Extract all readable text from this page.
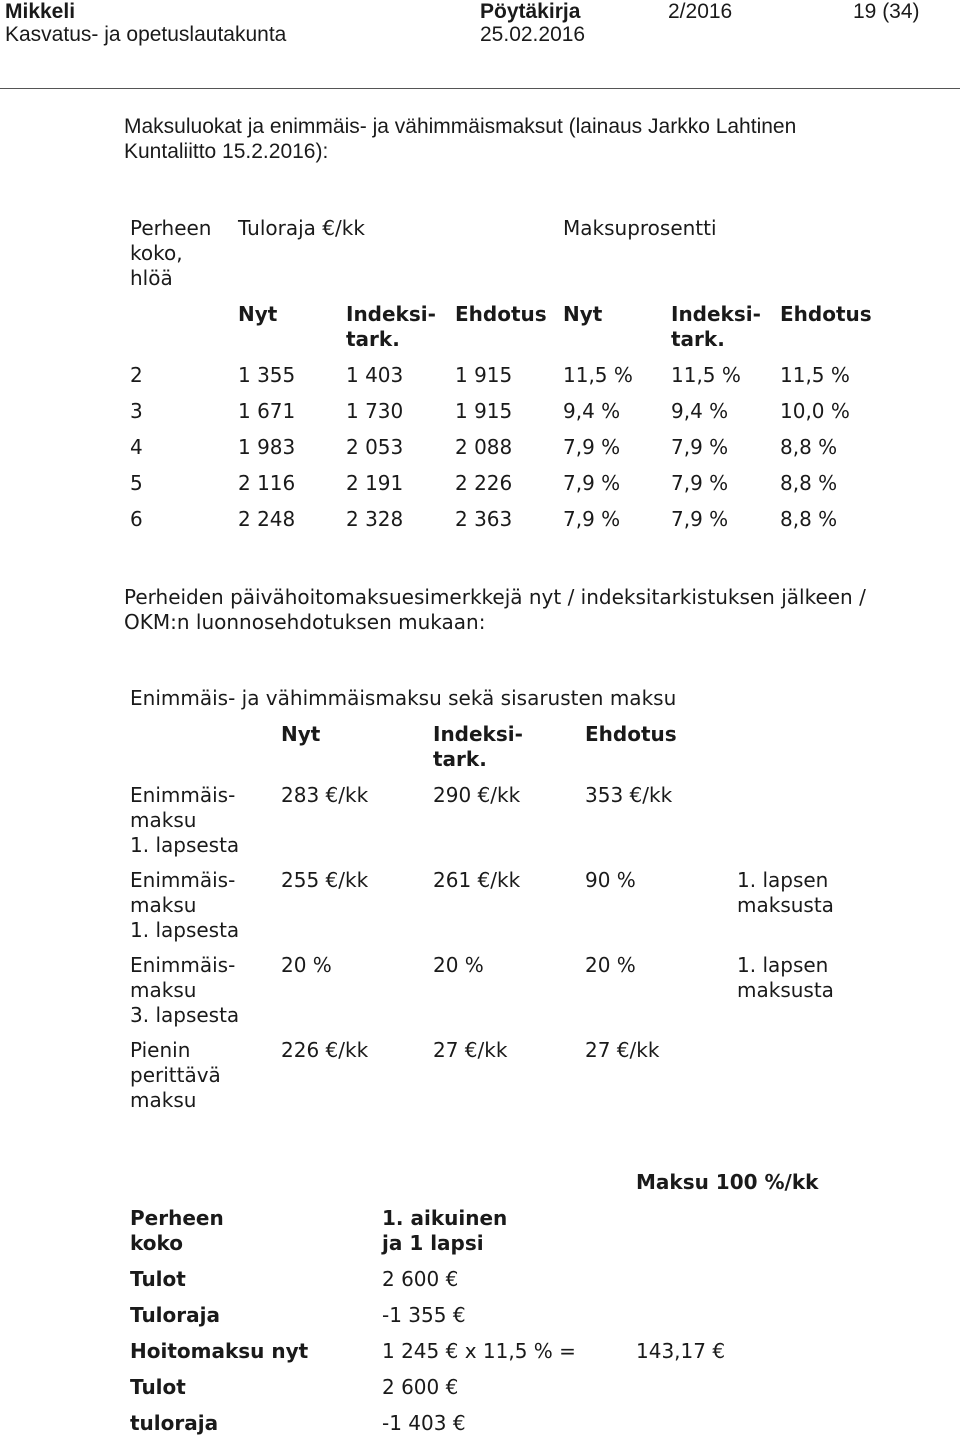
Mikkeli
Kasvatus- ja opetuslautakunta
Pöytäkirja
25.02.2016
2/2016	19 (34)
Maksuluokat ja enimmäis- ja vähimmäismaksut (lainaus Jarkko Lahtinen
Kuntaliitto 15.2.2016):
Perheen
koko,
hlöä
Tuloraja €/kk	Maksuprosentti
Nyt	Indeksi-
tark.
Ehdotus Nyt	Indeksi-
tark.
Ehdotus
2	1 355	1 403	1 915	11,5 % 11,5 % 11,5 %
3	1 671	1 730	1 915	9,4 %	9,4 %	10,0 %
4	1 983	2 053	2 088	7,9 %	7,9 %	8,8 %
5	2 116	2 191	2 226	7,9 %	7,9 %	8,8 %
6	2 248	2 328	2 363	7,9 %	7,9 %	8,8 %
Perheiden päivähoitomaksuesimerkkejä nyt / indeksitarkistuksen jälkeen /
OKM:n luonnosehdotuksen mukaan:
Enimmäis- ja vähimmäismaksu sekä sisarusten maksu
Nyt	Indeksi-
tark.
Ehdotus
Enimmäis-
maksu
1. lapsesta
283 €/kk	290 €/kk	353 €/kk
Enimmäis-
maksu
1. lapsesta
255 €/kk	261 €/kk	90 %	1. lapsen
maksusta
Enimmäis-
maksu
3. lapsesta
20 %	20 %	20 %	1. lapsen
maksusta
Pienin
perittävä
maksu
226 €/kk	27 €/kk	27 €/kk
Maksu 100 %/kk
Perheen
koko
1. aikuinen
ja 1 lapsi
Tulot	2 600 €
Tuloraja	-1 355 €
Hoitomaksu nyt	1 245 € x 11,5 % =	143,17 €
Tulot	2 600 €
tuloraja	-1 403 €
